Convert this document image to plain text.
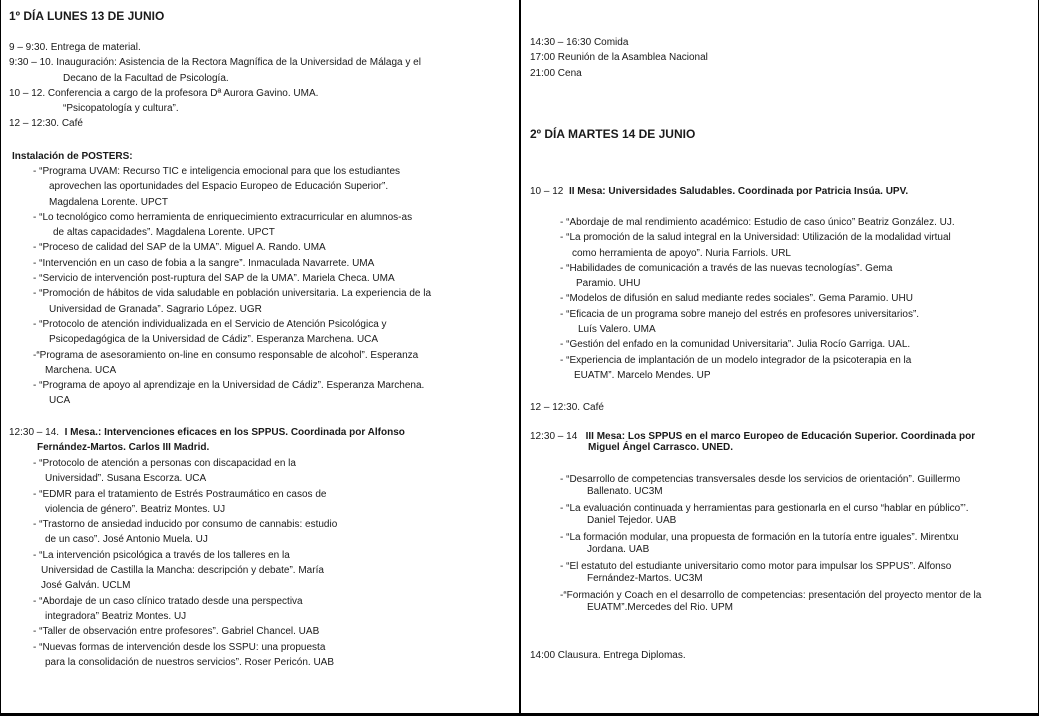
1º DÍA LUNES 13 DE JUNIO
9 – 9:30. Entrega de material.
9:30 – 10. Inauguración: Asistencia de la Rectora Magnífica de la Universidad de Málaga y el
Decano de la Facultad de Psicología.
10 – 12. Conferencia a cargo de la profesora Dª Aurora Gavino. UMA.
“Psicopatología y cultura”.
12 – 12:30. Café
Instalación de POSTERS:
- “Programa UVAM: Recurso TIC e inteligencia emocional para que los estudiantes
aprovechen las oportunidades del Espacio Europeo de Educación Superior”.
Magdalena Lorente. UPCT
- “Lo tecnológico como herramienta de enriquecimiento extracurricular en alumnos-as
de altas capacidades”. Magdalena Lorente. UPCT
- “Proceso de calidad del SAP de la UMA”. Miguel A. Rando. UMA
- “Intervención en un caso de fobia a la sangre”. Inmaculada Navarrete. UMA
- “Servicio de intervención post-ruptura del SAP de la UMA”. Mariela Checa. UMA
- “Promoción de hábitos de vida saludable en población universitaria. La experiencia de la
Universidad de Granada”. Sagrario López. UGR
- “Protocolo de atención individualizada en el Servicio de Atención Psicológica y
Psicopedagógica de la Universidad de Cádiz”. Esperanza Marchena. UCA
-“Programa de asesoramiento on-line en consumo responsable de alcohol”. Esperanza
Marchena. UCA
- “Programa de apoyo al aprendizaje en la Universidad de Cádiz”. Esperanza Marchena.
UCA
12:30 – 14. I Mesa.: Intervenciones eficaces en los SPPUS. Coordinada por Alfonso
Fernández-Martos. Carlos III Madrid.
- “Protocolo de atención a personas con discapacidad en la
Universidad”. Susana Escorza. UCA
- “EDMR para el tratamiento de Estrés Postraumático en casos de
violencia de género”. Beatriz Montes. UJ
- “Trastorno de ansiedad inducido por consumo de cannabis: estudio
de un caso”. José Antonio Muela. UJ
- “La intervención psicológica a través de los talleres en la
Universidad de Castilla la Mancha: descripción y debate”. María
José Galván. UCLM
- “Abordaje de un caso clínico tratado desde una perspectiva
integradora” Beatriz Montes. UJ
- “Taller de observación entre profesores”. Gabriel Chancel. UAB
- “Nuevas formas de intervención desde los SSPU: una propuesta
para la consolidación de nuestros servicios”. Roser Pericón. UAB
14:30 – 16:30 Comida
17:00 Reunión de la Asamblea Nacional
21:00 Cena
2º DÍA MARTES 14 DE JUNIO
10 – 12 II Mesa: Universidades Saludables. Coordinada por Patricia Insúa. UPV.
- “Abordaje de mal rendimiento académico: Estudio de caso único” Beatriz González. UJ.
- “La promoción de la salud integral en la Universidad: Utilización de la modalidad virtual
como herramienta de apoyo”. Nuria Farriols. URL
- “Habilidades de comunicación a través de las nuevas tecnologías”. Gema
Paramio. UHU
- “Modelos de difusión en salud mediante redes sociales”. Gema Paramio. UHU
- “Eficacia de un programa sobre manejo del estrés en profesores universitarios”.
Luís Valero. UMA
- “Gestión del enfado en la comunidad Universitaria”. Julia Rocío Garriga. UAL.
- “Experiencia de implantación de un modelo integrador de la psicoterapia en la
EUATM”. Marcelo Mendes. UP
12 – 12:30. Café
12:30 – 14 III Mesa: Los SPPUS en el marco Europeo de Educación Superior. Coordinada por
Miguel Ángel Carrasco. UNED.
- “Desarrollo de competencias transversales desde los servicios de orientación”. Guillermo
Ballenato. UC3M
- “La evaluación continuada y herramientas para gestionarla en el curso “hablar en público”’.
Daniel Tejedor. UAB
- “La formación modular, una propuesta de formación en la tutoría entre iguales”. Mirentxu
Jordana. UAB
- “El estatuto del estudiante universitario como motor para impulsar los SPPUS”. Alfonso
Fernández-Martos. UC3M
-“Formación y Coach en el desarrollo de competencias: presentación del proyecto mentor de la
EUATM”.Mercedes del Rio. UPM
14:00 Clausura. Entrega Diplomas.
